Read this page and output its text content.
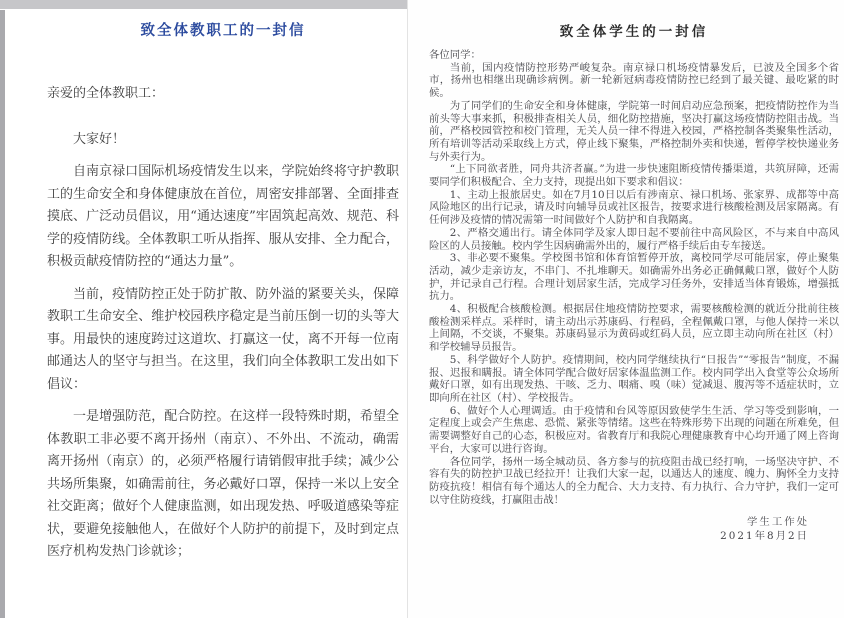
致全体教职工的一封信

亲爱的全体教职工：

大家好！

自南京禄口国际机场疫情发生以来，学院始终将守护教职工的生命安全和身体健康放在首位，周密安排部署、全面排查摸底、广泛动员倡议，用“通达速度”牢固筑起高效、规范、科学的疫情防线。全体教职工听从指挥、服从安排、全力配合，积极贡献疫情防控的“通达力量”。

当前，疫情防控正处于防扩散、防外溢的紧要关头，保障教职工生命安全、维护校园秩序稳定是当前压倒一切的头等大事。用最快的速度跨过这道坎、打赢这一仗，离不开每一位南邮通达人的坚守与担当。在这里，我们向全体教职工发出如下倡议：

一是增强防范，配合防控。在这样一段特殊时期，希望全体教职工非必要不离开扬州（南京）、不外出、不流动，确需离开扬州（南京）的，必须严格履行请销假审批手续；减少公共场所集聚，如确需前往，务必戴好口罩，保持一米以上安全社交距离；做好个人健康监测，如出现发热、呼吸道感染等症状，要避免接触他人，在做好个人防护的前提下，及时到定点医疗机构发热门诊就诊；

致全体学生的一封信

各位同学：

当前，国内疫情防控形势严峻复杂。南京禄口机场疫情暴发后，已波及全国多个省市，扬州也相继出现确诊病例。新一轮新冠病毒疫情防控已经到了最关键、最吃紧的时候。

为了同学们的生命安全和身体健康，学院第一时间启动应急预案，把疫情防控作为当前头等大事来抓，积极排查相关人员，细化防控措施，坚决打赢这场疫情防控阻击战。当前，严格校园管控和校门管理，无关人员一律不得进入校园，严格控制各类聚集性活动，所有培训等活动采取线上方式，停止线下聚集，严格控制外卖和快递，暂停学校快递业务与外卖行为。

“上下同欲者胜，同舟共济者赢。”为进一步快速阻断疫情传播渠道，共筑屏障，还需要同学们积极配合、全力支持，现提出如下要求和倡议：

1、主动上报旅居史。如在7月10日以后有涉南京、禄口机场、张家界、成都等中高风险地区的出行记录，请及时向辅导员或社区报告，按要求进行核酸检测及居家隔离。有任何涉及疫情的情况需第一时间做好个人防护和自我隔离。

2、严格交通出行。请全体同学及家人即日起不要前往中高风险区，不与来自中高风险区的人员接触。校内学生因病确需外出的，履行严格手续后由专车接送。

3、非必要不聚集。学校图书馆和体育馆暂停开放，离校同学尽可能居家，停止聚集活动，减少走亲访友，不串门、不扎堆聊天。如确需外出务必正确佩戴口罩，做好个人防护，并记录自己行程。合理计划居家生活，完成学习任务外，安排适当体育锻炼，增强抵抗力。

4、积极配合核酸检测。根据居住地疫情防控要求，需要核酸检测的就近分批前往核酸检测采样点。采样时，请主动出示苏康码、行程码，全程佩戴口罩，与他人保持一米以上间隔，不交谈，不聚集。苏康码显示为黄码或红码人员，应立即主动向所在社区（村）和学校辅导员报告。

5、科学做好个人防护。疫情期间，校内同学继续执行“日报告”“零报告”制度，不漏报、迟报和瞒报。请全体同学配合做好居家体温监测工作。校内同学出入食堂等公众场所戴好口罩，如有出现发热、干咳、乏力、咽痛、嗅（味）觉减退、腹泻等不适症状时，立即向所在社区（村）、学校报告。

6、做好个人心理调适。由于疫情和台风等原因致使学生生活、学习等受到影响，一定程度上或会产生焦虑、恐慌、紧张等情绪。这些在特殊形势下出现的问题在所难免，但需要调整好自己的心态，积极应对。省教育厅和我院心理健康教育中心均开通了网上咨询平台，大家可以进行咨询。

各位同学，扬州一场全城动员、各方参与的抗疫阻击战已经打响，一场坚决守护、不容有失的防控护卫战已经拉开！让我们大家一起，以通达人的速度、魄力、胸怀全力支持防疫抗疫！相信有每个通达人的全力配合、大力支持、有力执行、合力守护，我们一定可以守住防疫线，打赢阻击战！

学生工作处
2021年8月2日
